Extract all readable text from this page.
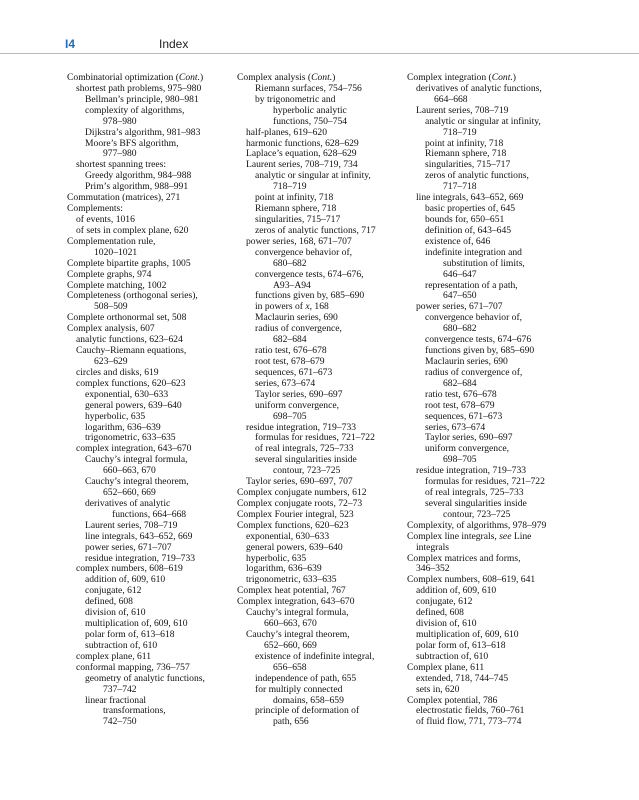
I4	Index
Combinatorial optimization (Cont.)
shortest path problems, 975–980
Bellman’s principle, 980–981
complexity of algorithms,
978–980
Dijkstra’s algorithm, 981–983
Moore’s BFS algorithm,
977–980
shortest spanning trees:
Greedy algorithm, 984–988
Prim’s algorithm, 988–991
Commutation (matrices), 271
Complements:
of events, 1016
of sets in complex plane, 620
Complementation rule,
1020–1021
Complete bipartite graphs, 1005
Complete graphs, 974
Complete matching, 1002
Completeness (orthogonal series),
508–509
Complete orthonormal set, 508
Complex analysis, 607
analytic functions, 623–624
Cauchy–Riemann equations,
623–629
circles and disks, 619
complex functions, 620–623
exponential, 630–633
general powers, 639–640
hyperbolic, 635
logarithm, 636–639
trigonometric, 633–635
complex integration, 643–670
Cauchy’s integral formula,
660–663, 670
Cauchy’s integral theorem,
652–660, 669
derivatives of analytic
functions, 664–668
Laurent series, 708–719
line integrals, 643–652, 669
power series, 671–707
residue integration, 719–733
complex numbers, 608–619
addition of, 609, 610
conjugate, 612
defined, 608
division of, 610
multiplication of, 609, 610
polar form of, 613–618
subtraction of, 610
complex plane, 611
conformal mapping, 736–757
geometry of analytic functions,
737–742
linear fractional
transformations,
742–750
Complex analysis (Cont.)
Riemann surfaces, 754–756
by trigonometric and
hyperbolic analytic
functions, 750–754
half-planes, 619–620
harmonic functions, 628–629
Laplace’s equation, 628–629
Laurent series, 708–719, 734
analytic or singular at infinity,
718–719
point at infinity, 718
Riemann sphere, 718
singularities, 715–717
zeros of analytic functions, 717
power series, 168, 671–707
convergence behavior of,
680–682
convergence tests, 674–676,
A93–A94
functions given by, 685–690
in powers of x, 168
Maclaurin series, 690
radius of convergence,
682–684
ratio test, 676–678
root test, 678–679
sequences, 671–673
series, 673–674
Taylor series, 690–697
uniform convergence,
698–705
residue integration, 719–733
formulas for residues, 721–722
of real integrals, 725–733
several singularities inside
contour, 723–725
Taylor series, 690–697, 707
Complex conjugate numbers, 612
Complex conjugate roots, 72–73
Complex Fourier integral, 523
Complex functions, 620–623
exponential, 630–633
general powers, 639–640
hyperbolic, 635
logarithm, 636–639
trigonometric, 633–635
Complex heat potential, 767
Complex integration, 643–670
Cauchy’s integral formula,
660–663, 670
Cauchy’s integral theorem,
652–660, 669
existence of indefinite integral,
656–658
independence of path, 655
for multiply connected
domains, 658–659
principle of deformation of
path, 656
Complex integration (Cont.)
derivatives of analytic functions,
664–668
Laurent series, 708–719
analytic or singular at infinity,
718–719
point at infinity, 718
Riemann sphere, 718
singularities, 715–717
zeros of analytic functions,
717–718
line integrals, 643–652, 669
basic properties of, 645
bounds for, 650–651
definition of, 643–645
existence of, 646
indefinite integration and
substitution of limits,
646–647
representation of a path,
647–650
power series, 671–707
convergence behavior of,
680–682
convergence tests, 674–676
functions given by, 685–690
Maclaurin series, 690
radius of convergence of,
682–684
ratio test, 676–678
root test, 678–679
sequences, 671–673
series, 673–674
Taylor series, 690–697
uniform convergence,
698–705
residue integration, 719–733
formulas for residues, 721–722
of real integrals, 725–733
several singularities inside
contour, 723–725
Complexity, of algorithms, 978–979
Complex line integrals, see Line
integrals
Complex matrices and forms,
346–352
Complex numbers, 608–619, 641
addition of, 609, 610
conjugate, 612
defined, 608
division of, 610
multiplication of, 609, 610
polar form of, 613–618
subtraction of, 610
Complex plane, 611
extended, 718, 744–745
sets in, 620
Complex potential, 786
electrostatic fields, 760–761
of fluid flow, 771, 773–774
